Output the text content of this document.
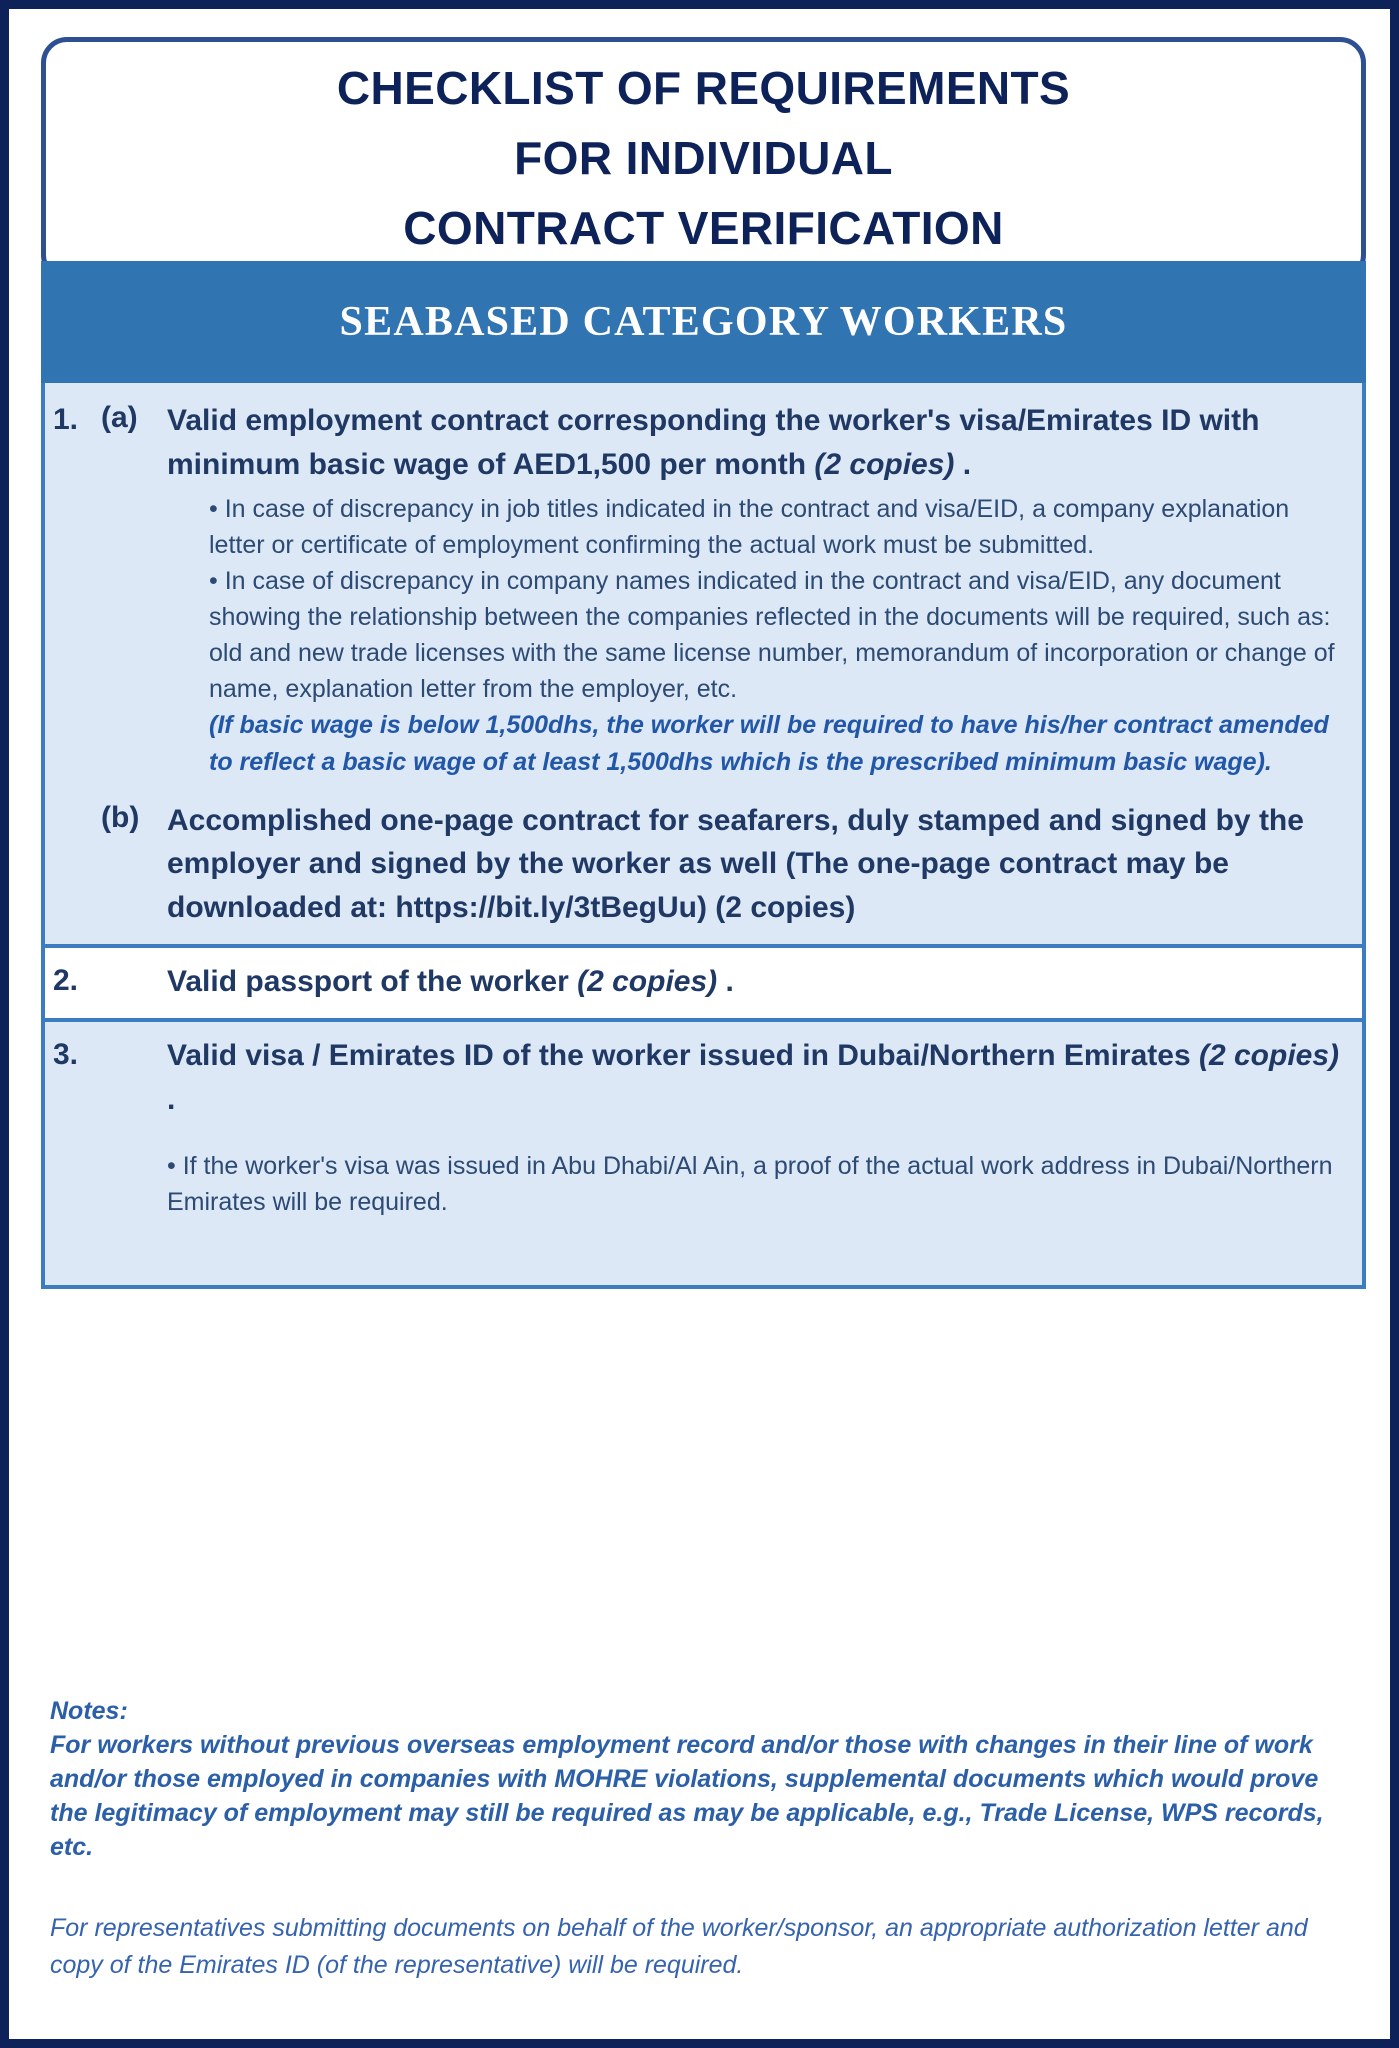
CHECKLIST OF REQUIREMENTS
FOR INDIVIDUAL
CONTRACT VERIFICATION
SEABASED CATEGORY WORKERS
1. (a) Valid employment contract corresponding the worker's visa/Emirates ID with minimum basic wage of AED1,500 per month (2 copies) .

• In case of discrepancy in job titles indicated in the contract and visa/EID, a company explanation letter or certificate of employment confirming the actual work must be submitted.

• In case of discrepancy in company names indicated in the contract and visa/EID, any document showing the relationship between the companies reflected in the documents will be required, such as: old and new trade licenses with the same license number, memorandum of incorporation or change of name, explanation letter from the employer, etc.

(If basic wage is below 1,500dhs, the worker will be required to have his/her contract amended to reflect a basic wage of at least 1,500dhs which is the prescribed minimum basic wage).

(b) Accomplished one-page contract for seafarers, duly stamped and signed by the employer and signed by the worker as well (The one-page contract may be downloaded at: https://bit.ly/3tBegUu) (2 copies)
2.	Valid passport of the worker (2 copies) .
3.	Valid visa / Emirates ID of the worker issued in Dubai/Northern Emirates (2 copies) .

• If the worker's visa was issued in Abu Dhabi/Al Ain, a proof of the actual work address in Dubai/Northern Emirates will be required.

Notes:

For workers without previous overseas employment record and/or those with changes in their line of work and/or those employed in companies with MOHRE violations, supplemental documents which would prove the legitimacy of employment may still be required as may be applicable, e.g., Trade License, WPS records, etc.

For representatives submitting documents on behalf of the worker/sponsor, an appropriate authorization letter and copy of the Emirates ID (of the representative) will be required.
